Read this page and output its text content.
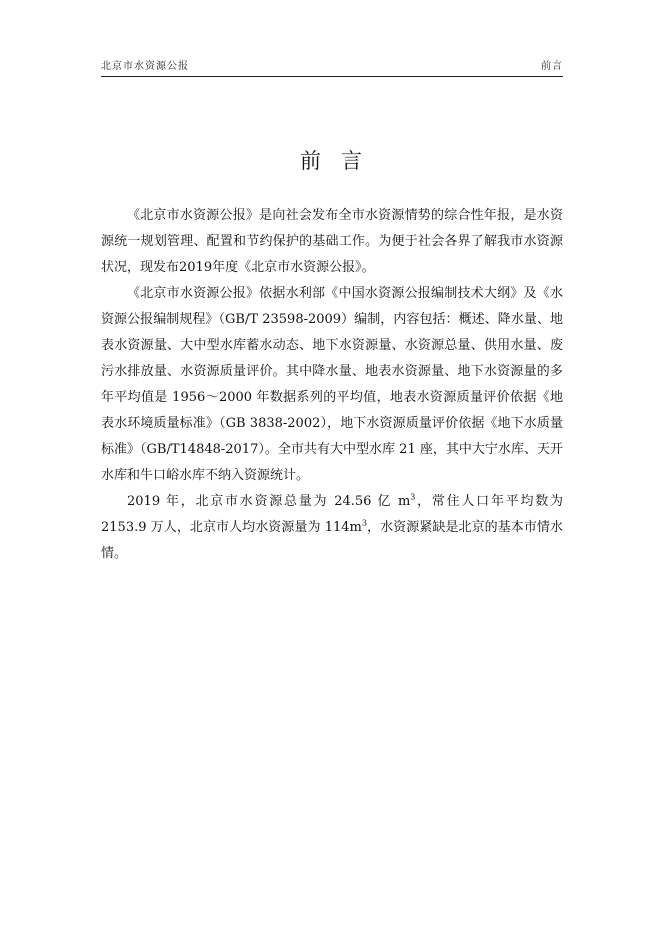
北京市水资源公报	前言
前言

《北京市水资源公报》是向社会发布全市水资源情势的综合性年报，是水资源统一规划管理、配置和节约保护的基础工作。为便于社会各界了解我市水资源状况，现发布2019年度《北京市水资源公报》。

《北京市水资源公报》依据水利部《中国水资源公报编制技术大纲》及《水资源公报编制规程》（GB/T 23598-2009）编制，内容包括：概述、降水量、地表水资源量、大中型水库蓄水动态、地下水资源量、水资源总量、供用水量、废污水排放量、水资源质量评价。其中降水量、地表水资源量、地下水资源量的多年平均值是 1956～2000 年数据系列的平均值，地表水资源质量评价依据《地表水环境质量标准》（GB 3838-2002），地下水资源质量评价依据《地下水质量标准》（GB/T14848-2017）。全市共有大中型水库 21 座，其中大宁水库、天开水库和牛口峪水库不纳入资源统计。

2019 年，北京市水资源总量为 24.56 亿 $m^3$，常住人口年平均数为 2153.9 万人，北京市人均水资源量为 $114m^3$，水资源紧缺是北京的基本市情水情。
